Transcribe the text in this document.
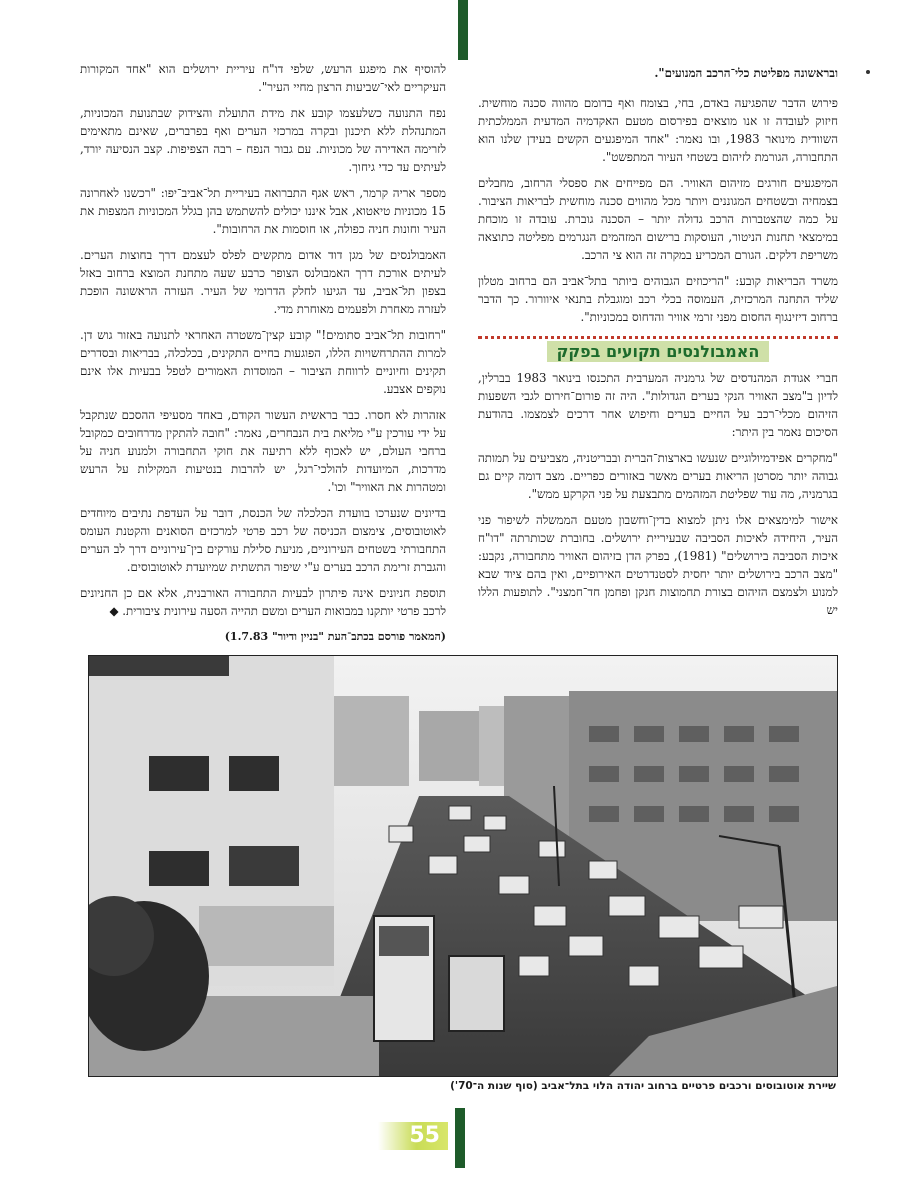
ובראשונה מפליטת כלי־הרכב המנועים".

פירוש הדבר שהפגיעה באדם, בחי, בצומח ואף בדומם מהווה סכנה מוחשית. חיזוק לעובדה זו אנו מוצאים בפירסום מטעם האקדמיה המדעית הממלכתית השוודית מינואר 1983, ובו נאמר: "אחד המיפגעים הקשים בעידן שלנו הוא התחבורה, הגורמת לזיהום בשטחי העיור המתפשט".

המיפגעים חורגים מזיהום האוויר. הם מפייחים את ספסלי הרחוב, מחבלים בצמחיה ובשטחים המגוננים ויותר מכל מהווים סכנה מוחשית לבריאות הציבור. על כמה שהצטברות הרכב גדולה יותר – הסכנה גוברת. עובדה זו מוכחת במימצאי תחנות הניטור, העוסקות ברישום המזהמים הנגרמים מפליטה כתוצאה משריפת דלקים. הגורם המכריע במקרה זה הוא צי הרכב.

משרד הבריאות קובע: "הריכוזים הגבוהים ביותר בתל־אביב הם ברחוב מטלון שליד התחנה המרכזית, העמוסה בכלי רכב ומוגבלת בתנאי איוורור. כך הדבר ברחוב דיזינגוף החסום מפני זרמי אוויר והדחוס במכוניות".

האמבולנסים תקועים בפקק

חברי אגודת המהנדסים של גרמניה המערבית התכנסו בינואר 1983 בברלין, לדיון ב"מצב האוויר הנקי בערים הגדולות". היה זה פורום־חירום לגבי השפעות הזיהום מכלי־רכב על החיים בערים וחיפוש אחר דרכים לצמצמו. בהודעת הסיכום נאמר בין היתר:

"מחקרים אפידמיולוגיים שנעשו בארצות־הברית ובבריטניה, מצביעים על תמותה גבוהה יותר מסרטן הריאות בערים מאשר באזורים כפריים. מצב דומה קיים גם בגרמניה, מה עוד שפליטת המזהמים מתבצעת על פני הקרקע ממש".

אישור למימצאים אלו ניתן למצוא בדין־וחשבון מטעם הממשלה לשיפור פני העיר, היחידה לאיכות הסביבה שבעיריית ירושלים. בחוברת שכותרתה "דו"ח איכות הסביבה בירושלים" (1981), בפרק הדן בזיהום האוויר מתחבורה, נקבע: "מצב הרכב בירושלים יותר יחסית לסטנדרטים האירופיים, ואין בהם ציוד שבא למנוע ולצמצם הזיהום בצורת תחמוצות חנקן ופחמן חד־חמצני". לתופעות הללו יש

להוסיף את מיפגע הרעש, שלפי דו"ח עיריית ירושלים הוא "אחד המקורות העיקריים לאי־שביעות הרצון מחיי העיר".

נפח התנועה כשלעצמו קובע את מידת התועלת והצידוק שבתנועת המכוניות, המתנהלת ללא תיכנון ובקרה במרכזי הערים ואף בפרברים, שאינם מתאימים לזרימה האדירה של מכוניות. עם גבור הנפח – רבה הצפיפות. קצב הנסיעה יורד, לעיתים עד כדי גיחוך.

מספר אריה קרמר, ראש אגף התברואה בעיריית תל־אביב־יפו: "רכשנו לאחרונה 15 מכוניות טיאטוא, אבל איננו יכולים להשתמש בהן בגלל המכוניות המצפות את העיר וחונות חניה כפולה, או חוסמות את הרחובות".

האמבולנסים של מגן דוד אדום מתקשים לפלס לעצמם דרך בחוצות הערים. לעיתים אורכת דרך האמבולנס הצופר כרבע שעה מתחנת המוצא ברחוב באזל בצפון תל־אביב, עד הגיעו לחלק הדרומי של העיר. העזרה הראשונה הופכת לעזרה מאחרת ולפעמים מאוחרת מדי.

"רחובות תל־אביב סתומים!" קובע קצין־משטרה האחראי לתנועה באזור גוש דן. למרות ההתרחשויות הללו, הפוגעות בחיים התקינים, בכלכלה, בבריאות ובסדרים תקינים וחיוניים לרווחת הציבור – המוסדות האמורים לטפל בבעיות אלו אינם נוקפים אצבע.

אזהרות לא חסרו. כבר בראשית העשור הקודם, באחד מסעיפי ההסכם שנתקבל על ידי עורכין ע"י מליאת בית הנבחרים, נאמר: "חובה להתקין מדרחובים כמקובל ברחבי העולם, יש לאכוף ללא רתיעה את חוקי התחבורה ולמנוע חניה על מדרכות, המיועדות להולכי־רגל, יש להרבות בנטיעות המקילות על הרעש ומטהרות את האוויר" וכו'.

בדיונים שנערכו בוועדת הכלכלה של הכנסת, דובר על העדפת נתיבים מיוחדים לאוטובוסים, צימצום הכניסה של רכב פרטי למרכזים הסואנים והקטנת העומס התחבורתי בשטחים העירוניים, מניעת סלילת עורקים בין־עירוניים דרך לב הערים והגברת זרימת הרכב בערים ע"י שיפור התשתית שמיועדת לאוטובוסים.

תוספת חניונים אינה פיתרון לבעיות התחבורה האורבנית, אלא אם כן החניונים לרכב פרטי יותקנו במבואות הערים ומשם תהייה הסעה עירונית ציבורית. ◆

(המאמר פורסם בכתב־העת "בניין ודיור" 1.7.83)

שיירת אוטובוסים ורכבים פרטיים ברחוב יהודה הלוי בתל־אביב (סוף שנות ה־70')
55
